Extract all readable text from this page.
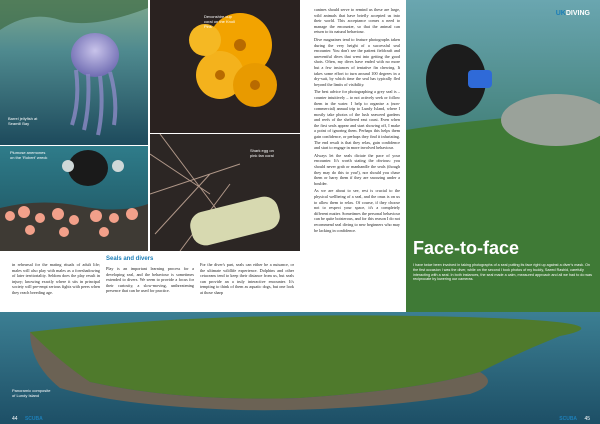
Barrel jellyfish at Seamill Bay
Devonshire cup coral on the Knoll Pins
Plumose anemones on the 'Robert' wreck
Shark egg on pink fan coral
UKDIVING
Face-to-face
I have twice been involved in taking photographs of a seal putting its face right up against a diver's mask. On the first occasion I was the diver, while on the second I took photos of my buddy, Saeed Rashid, carefully interacting with a seal. In both instances, the seal made a calm, measured approach and all we had to do was reciprocate by lowering our cameras.

canines should serve to remind us these are large, wild animals that have briefly accepted us into their world. This acceptance comes a need to manage the encounter, so that the animal can return to its natural behaviour.

Dive magazines tend to feature photographs taken during the very height of a successful seal encounter. You don't see the patient fieldcraft and uneventful dives that went into getting the good shots. Often, my dives have ended with no more but a few instances of tentative fin chewing. It takes some effort to turn around 100 degrees in a dry-suit, by which time the seal has typically fled beyond the limits of visibility.

The best advice for photographing a grey seal is – counter intuitively – to not actively seek or follow them in the water. I help to organise a (non-commercial) annual trip to Lundy Island, where I mostly take photos of the lush seaweed gardens and reefs of the sheltered east coast. Even when the first seals appear and start showing off, I make a point of ignoring them. Perhaps this helps them gain confidence, or perhaps they find it infuriating. The end result is that they relax, gain confidence and start to engage in more involved behaviour.

Always let the seals dictate the pace of your encounter. It's worth stating the obvious: you should never grab or manhandle the seals (though they may do this to you!), nor should you chase them or harry them if they are snoozing under a boulder.

As we are about to see, rest is crucial to the physical wellbeing of a seal, and the onus is on us to allow them to relax. Of course, if they choose not to respect your space, it's a completely different matter. Sometimes the personal behaviour can be quite boisterous, and for this reason I do not recommend seal diving to new beginners who may be lacking in confidence.

in rehearsal for the mating rituals of adult life; males will also play with males as a foreshadowing of later territoriality. Seldom does the play result in injury; knowing exactly where it sits in principal society will pre-empt serious fights with peers when they reach breeding age.
Seals and divers
Play is an important learning process for a developing seal, and the behaviour is sometimes extended to divers. We seem to provide a focus for their curiosity, a slow-moving, unthreatening presence that can be used for practice.
For the diver's part, seals can either be a nuisance, or the ultimate wildlife experience. Dolphins and other cetaceans tend to keep their distance from us, but seals can provide an a truly interactive encounter. It's tempting to think of them as aquatic dogs, but one look at those sharp
Panoramic composite of Lundy Island
44 SCUBA	SCUBA 45
